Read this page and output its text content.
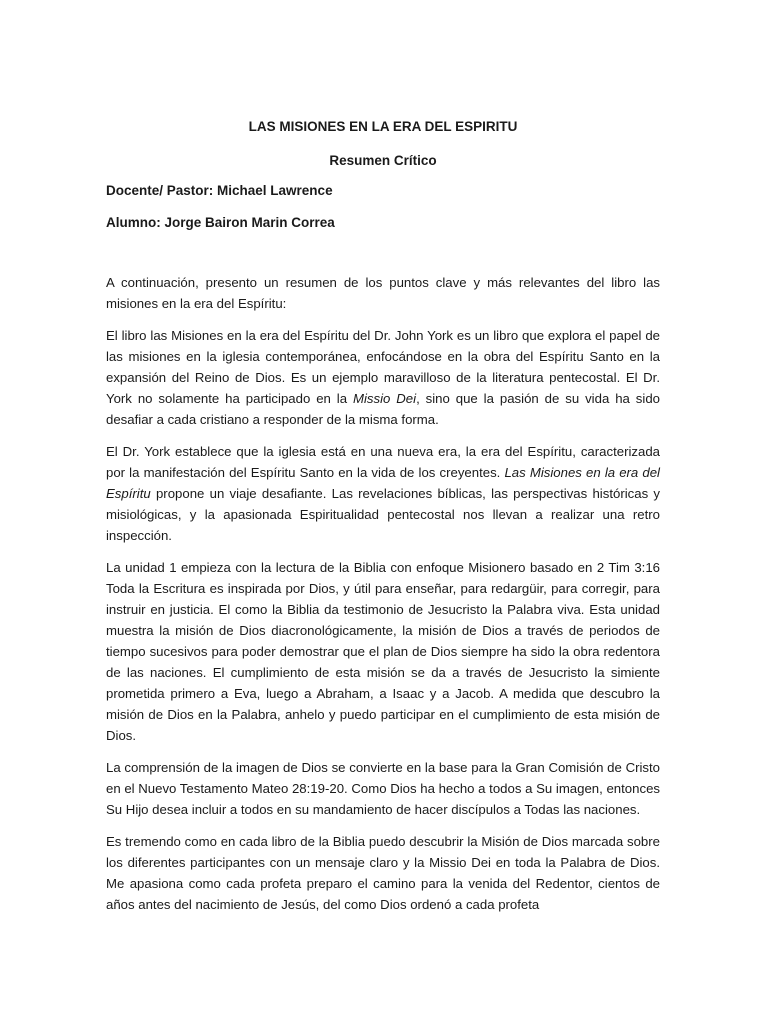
LAS MISIONES EN LA ERA DEL ESPIRITU
Resumen Crítico
Docente/ Pastor: Michael Lawrence
Alumno: Jorge Bairon Marin Correa

A continuación, presento un resumen de los puntos clave y más relevantes del libro las misiones en la era del Espíritu:

El libro las Misiones en la era del Espíritu del Dr. John York es un libro que explora el papel de las misiones en la iglesia contemporánea, enfocándose en la obra del Espíritu Santo en la expansión del Reino de Dios. Es un ejemplo maravilloso de la literatura pentecostal. El Dr. York no solamente ha participado en la Missio Dei, sino que la pasión de su vida ha sido desafiar a cada cristiano a responder de la misma forma.

El Dr. York establece que la iglesia está en una nueva era, la era del Espíritu, caracterizada por la manifestación del Espíritu Santo en la vida de los creyentes. Las Misiones en la era del Espíritu propone un viaje desafiante. Las revelaciones bíblicas, las perspectivas históricas y misiológicas, y la apasionada Espiritualidad pentecostal nos llevan a realizar una retro inspección.

La unidad 1 empieza con la lectura de la Biblia con enfoque Misionero basado en 2 Tim 3:16 Toda la Escritura es inspirada por Dios, y útil para enseñar, para redargüir, para corregir, para instruir en justicia. El como la Biblia da testimonio de Jesucristo la Palabra viva. Esta unidad muestra la misión de Dios diacronológicamente, la misión de Dios a través de periodos de tiempo sucesivos para poder demostrar que el plan de Dios siempre ha sido la obra redentora de las naciones. El cumplimiento de esta misión se da a través de Jesucristo la simiente prometida primero a Eva, luego a Abraham, a Isaac y a Jacob. A medida que descubro la misión de Dios en la Palabra, anhelo y puedo participar en el cumplimiento de esta misión de Dios.

La comprensión de la imagen de Dios se convierte en la base para la Gran Comisión de Cristo en el Nuevo Testamento Mateo 28:19-20. Como Dios ha hecho a todos a Su imagen, entonces Su Hijo desea incluir a todos en su mandamiento de hacer discípulos a Todas las naciones.

Es tremendo como en cada libro de la Biblia puedo descubrir la Misión de Dios marcada sobre los diferentes participantes con un mensaje claro y la Missio Dei en toda la Palabra de Dios. Me apasiona como cada profeta preparo el camino para la venida del Redentor, cientos de años antes del nacimiento de Jesús, del como Dios ordenó a cada profeta
